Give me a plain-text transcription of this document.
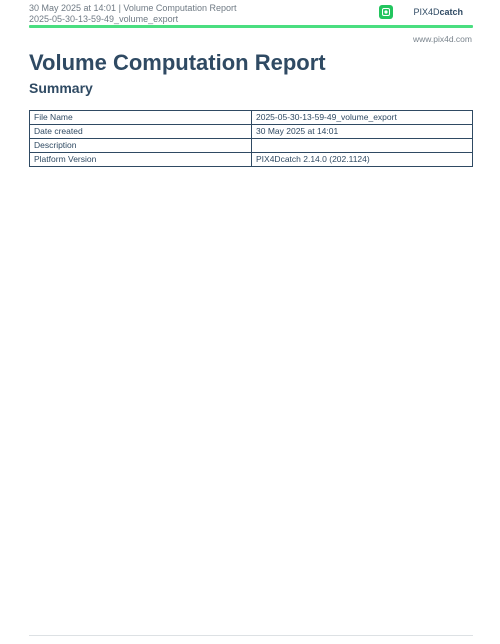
30 May 2025 at 14:01 | Volume Computation Report
2025-05-30-13-59-49_volume_export
PIX4Dcatch
www.pix4d.com
Volume Computation Report
Summary
File Name	2025-05-30-13-59-49_volume_export
Date created	30 May 2025 at 14:01
Description	
Platform Version	PIX4Dcatch 2.14.0 (202.1124)
